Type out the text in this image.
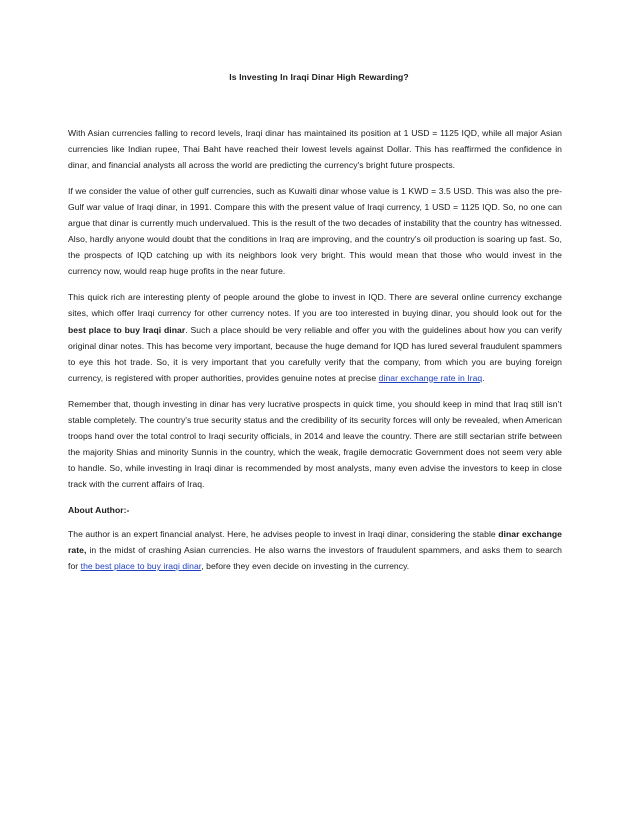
Is Investing In Iraqi Dinar High Rewarding?

With Asian currencies falling to record levels, Iraqi dinar has maintained its position at 1 USD = 1125 IQD, while all major Asian currencies like Indian rupee, Thai Baht have reached their lowest levels against Dollar. This has reaffirmed the confidence in dinar, and financial analysts all across the world are predicting the currency's bright future prospects.

If we consider the value of other gulf currencies, such as Kuwaiti dinar whose value is 1 KWD = 3.5 USD. This was also the pre-Gulf war value of Iraqi dinar, in 1991. Compare this with the present value of Iraqi currency, 1 USD = 1125 IQD. So, no one can argue that dinar is currently much undervalued. This is the result of the two decades of instability that the country has witnessed. Also, hardly anyone would doubt that the conditions in Iraq are improving, and the country's oil production is soaring up fast. So, the prospects of IQD catching up with its neighbors look very bright. This would mean that those who would invest in the currency now, would reap huge profits in the near future.

This quick rich are interesting plenty of people around the globe to invest in IQD. There are several online currency exchange sites, which offer Iraqi currency for other currency notes. If you are too interested in buying dinar, you should look out for the best place to buy Iraqi dinar. Such a place should be very reliable and offer you with the guidelines about how you can verify original dinar notes. This has become very important, because the huge demand for IQD has lured several fraudulent spammers to eye this hot trade. So, it is very important that you carefully verify that the company, from which you are buying foreign currency, is registered with proper authorities, provides genuine notes at precise dinar exchange rate in Iraq.

Remember that, though investing in dinar has very lucrative prospects in quick time, you should keep in mind that Iraq still isn’t stable completely. The country's true security status and the credibility of its security forces will only be revealed, when American troops hand over the total control to Iraqi security officials, in 2014 and leave the country. There are still sectarian strife between the majority Shias and minority Sunnis in the country, which the weak, fragile democratic Government does not seem very able to handle. So, while investing in Iraqi dinar is recommended by most analysts, many even advise the investors to keep in close track with the current affairs of Iraq.

About Author:-

The author is an expert financial analyst. Here, he advises people to invest in Iraqi dinar, considering the stable dinar exchange rate, in the midst of crashing Asian currencies. He also warns the investors of fraudulent spammers, and asks them to search for the best place to buy iraqi dinar, before they even decide on investing in the currency.
